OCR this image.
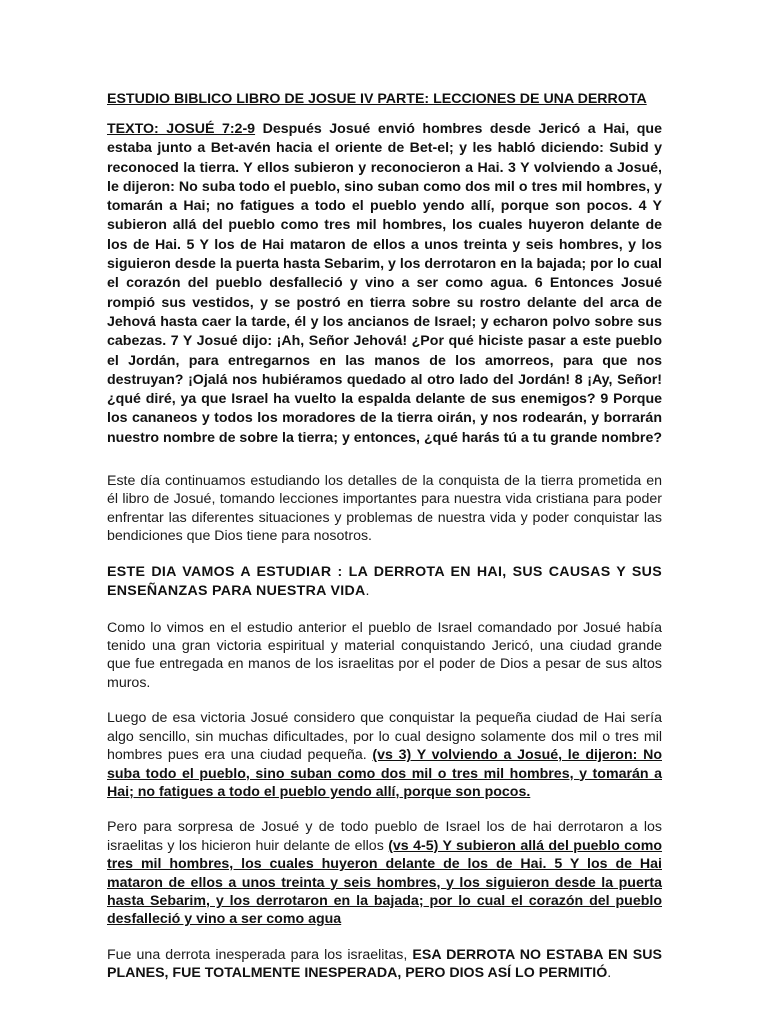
ESTUDIO BIBLICO LIBRO DE JOSUE IV PARTE: LECCIONES DE UNA DERROTA

TEXTO: JOSUÉ 7:2-9 Después Josué envió hombres desde Jericó a Hai, que estaba junto a Bet-avén hacia el oriente de Bet-el; y les habló diciendo: Subid y reconoced la tierra. Y ellos subieron y reconocieron a Hai. 3 Y volviendo a Josué, le dijeron: No suba todo el pueblo, sino suban como dos mil o tres mil hombres, y tomarán a Hai; no fatigues a todo el pueblo yendo allí, porque son pocos. 4 Y subieron allá del pueblo como tres mil hombres, los cuales huyeron delante de los de Hai. 5 Y los de Hai mataron de ellos a unos treinta y seis hombres, y los siguieron desde la puerta hasta Sebarim, y los derrotaron en la bajada; por lo cual el corazón del pueblo desfalleció y vino a ser como agua. 6 Entonces Josué rompió sus vestidos, y se postró en tierra sobre su rostro delante del arca de Jehová hasta caer la tarde, él y los ancianos de Israel; y echaron polvo sobre sus cabezas. 7 Y Josué dijo: ¡Ah, Señor Jehová! ¿Por qué hiciste pasar a este pueblo el Jordán, para entregarnos en las manos de los amorreos, para que nos destruyan? ¡Ojalá nos hubiéramos quedado al otro lado del Jordán! 8 ¡Ay, Señor! ¿qué diré, ya que Israel ha vuelto la espalda delante de sus enemigos? 9 Porque los cananeos y todos los moradores de la tierra oirán, y nos rodearán, y borrarán nuestro nombre de sobre la tierra; y entonces, ¿qué harás tú a tu grande nombre?

Este día continuamos estudiando los detalles de la conquista de la tierra prometida en él libro de Josué, tomando lecciones importantes para nuestra vida cristiana para poder enfrentar las diferentes situaciones y problemas de nuestra vida y poder conquistar las bendiciones que Dios tiene para nosotros.

ESTE DIA VAMOS A ESTUDIAR : LA DERROTA EN HAI, SUS CAUSAS Y SUS ENSEÑANZAS PARA NUESTRA VIDA.

Como lo vimos en el estudio anterior el pueblo de Israel comandado por Josué había tenido una gran victoria espiritual y material conquistando Jericó, una ciudad grande que fue entregada en manos de los israelitas por el poder de Dios a pesar de sus altos muros.

Luego de esa victoria Josué considero que conquistar la pequeña ciudad de Hai sería algo sencillo, sin muchas dificultades, por lo cual designo solamente dos mil o tres mil hombres pues era una ciudad pequeña. (vs 3) Y volviendo a Josué, le dijeron: No suba todo el pueblo, sino suban como dos mil o tres mil hombres, y tomarán a Hai; no fatigues a todo el pueblo yendo allí, porque son pocos.

Pero para sorpresa de Josué y de todo pueblo de Israel los de hai derrotaron a los israelitas y los hicieron huir delante de ellos (vs 4-5) Y subieron allá del pueblo como tres mil hombres, los cuales huyeron delante de los de Hai. 5 Y los de Hai mataron de ellos a unos treinta y seis hombres, y los siguieron desde la puerta hasta Sebarim, y los derrotaron en la bajada; por lo cual el corazón del pueblo desfalleció y vino a ser como agua

Fue una derrota inesperada para los israelitas, ESA DERROTA NO ESTABA EN SUS PLANES, FUE TOTALMENTE INESPERADA, PERO DIOS ASÍ LO PERMITIÓ.
